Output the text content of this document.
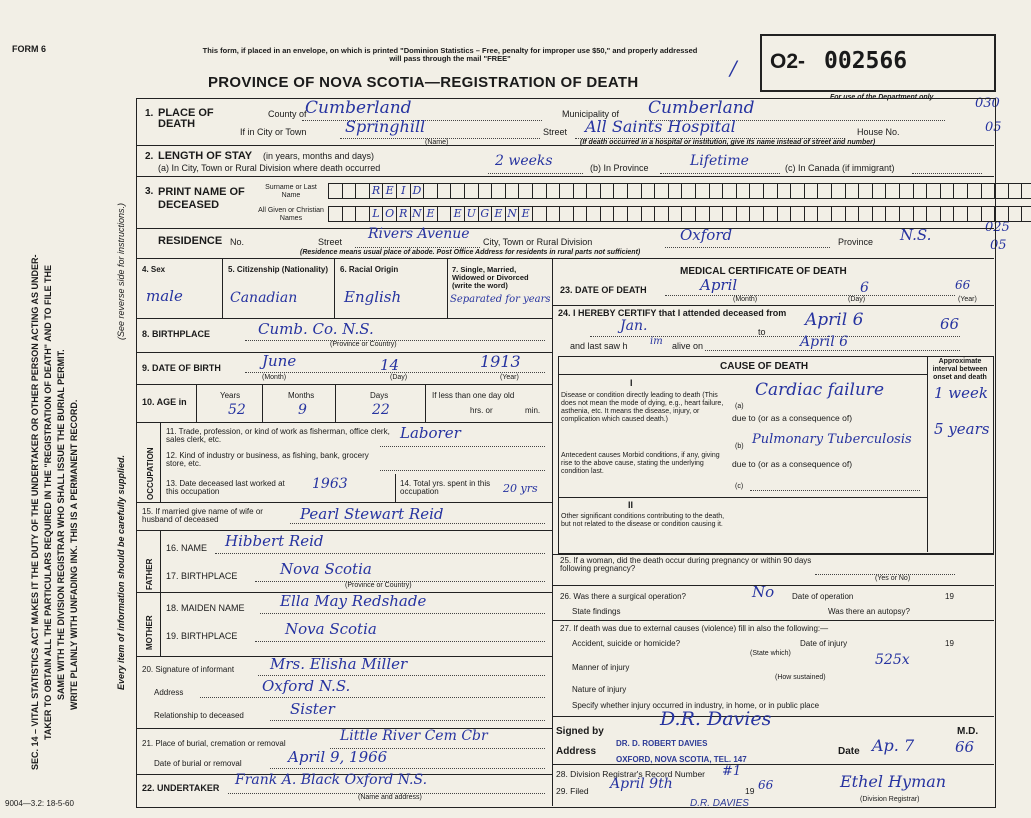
FORM 6	This form, if placed in an envelope, on which is printed "Dominion Statistics – Free, penalty for improper use $50," and properly addressed will pass through the mail "FREE"
PROVINCE OF NOVA SCOTIA—REGISTRATION OF DEATH
O2- 002566
For use of the Department only	030
05
025
05
/
SEC. 14 – VITAL STATISTICS ACT MAKES IT THE DUTY OF THE UNDERTAKER OR OTHER PERSON ACTING AS UNDER- TAKER TO OBTAIN ALL THE PARTICULARS REQUIRED IN THE "REGISTRATION OF DEATH" AND TO FILE THE SAME WITH THE DIVISION REGISTRAR WHO SHALL ISSUE THE BURIAL PERMIT. WRITE PLAINLY WITH UNFADING INK. THIS IS A PERMANENT RECORD.
(See reverse side for instructions.)
Every item of information should be carefully supplied.
1. PLACE OF DEATH
County of
Cumberland	Municipality of Cumberland
If in City or Town Springhill
(Name)
Street All Saints Hospital	House No.
(If death occurred in a hospital or institution, give its name instead of street and number)
2. LENGTH OF STAY (in years, months and days)
(a) In City, Town or Rural Division where death occurred	2 weeks	(b) In Province	Lifetime	(c) In Canada (if immigrant)
3. PRINT NAME OF DECEASED
Surname or Last Name
All Given or Christian Names
R E I D
L O R N E E U G E N E
RESIDENCE No.	Street Rivers Avenue City, Town or Rural Division	Oxford	Province N.S.
(Residence means usual place of abode. Post Office Address for residents in rural parts not sufficient)
4. Sex
male
5. Citizenship (Nationality)
Canadian
6. Racial Origin
English
7. Single, Married, Widowed or Divorced (write the word)
Separated for years
8. BIRTHPLACE	Cumb. Co. N.S.
(Province or Country)
9. DATE OF BIRTH	June	14	1913
(Month)	(Day)	(Year)
10. AGE in
Years
52
Months
9
Days
22
If less than one day old
hrs. or	min.
OCCUPATION
11. Trade, profession, or kind of work as fisherman, office clerk, sales clerk, etc.	Laborer
12. Kind of industry or business, as fishing, bank, grocery store, etc.
13. Date deceased last worked at this occupation	1963	14. Total yrs. spent in this occupation	20 yrs
15. If married give name of wife or husband of deceased	Pearl Stewart Reid
FATHER
16. NAME Hibbert Reid
17. BIRTHPLACE	Nova Scotia
(Province or Country)
MOTHER
18. MAIDEN NAME Ella May Redshade
19. BIRTHPLACE	Nova Scotia
20. Signature of informant Mrs. Elisha Miller
Address	Oxford N.S.
Relationship to deceased	Sister
21. Place of burial, cremation or removal	Little River Cem Cbr
Date of burial or removal	April 9, 1966
22. UNDERTAKER Frank A. Black Oxford N.S.
(Name and address)
MEDICAL CERTIFICATE OF DEATH
23. DATE OF DEATH	April	6	66
(Month)	(Day)	(Year)
24. I HEREBY CERTIFY that I attended deceased from
Jan.	to
April 6	66
and last saw h im alive on	April 6
CAUSE OF DEATH	Approximate interval between onset and death
I
Disease or condition directly leading to death (This does not mean the mode of dying, e.g., heart failure, asthenia, etc. It means the disease, injury, or complication which caused death.)
(a)
Cardiac failure	1 week
due to (or as a consequence of)
Antecedent causes Morbid conditions, if any, giving rise to the above cause, stating the underlying condition last.
(b) Pulmonary Tuberculosis
5 years
due to (or as a consequence of)
(c)
II
Other significant conditions contributing to the death, but not related to the disease or condition causing it.
25. If a woman, did the death occur during pregnancy or within 90 days following pregnancy?
(Yes or No)
26. Was there a surgical operation?	No Date of operation	19
State findings	Was there an autopsy?
27. If death was due to external causes (violence) fill in also the following:—
Accident, suicide or homicide?	Date of injury	19
(State which)
Manner of injury	525x
(How sustained)
Nature of injury
Specify whether injury occurred in industry, in home, or in public place
Signed by
D.R. Davies
M.D.
Address
DR. D. ROBERT DAVIES
OXFORD, NOVA SCOTIA, TEL. 147
Date Ap. 7	66
28. Division Registrar's Record Number #1
29. Filed April 9th	19 66	Ethel Hyman
(Division Registrar)
D.R. DAVIES
9004—3.2: 18-5-60
